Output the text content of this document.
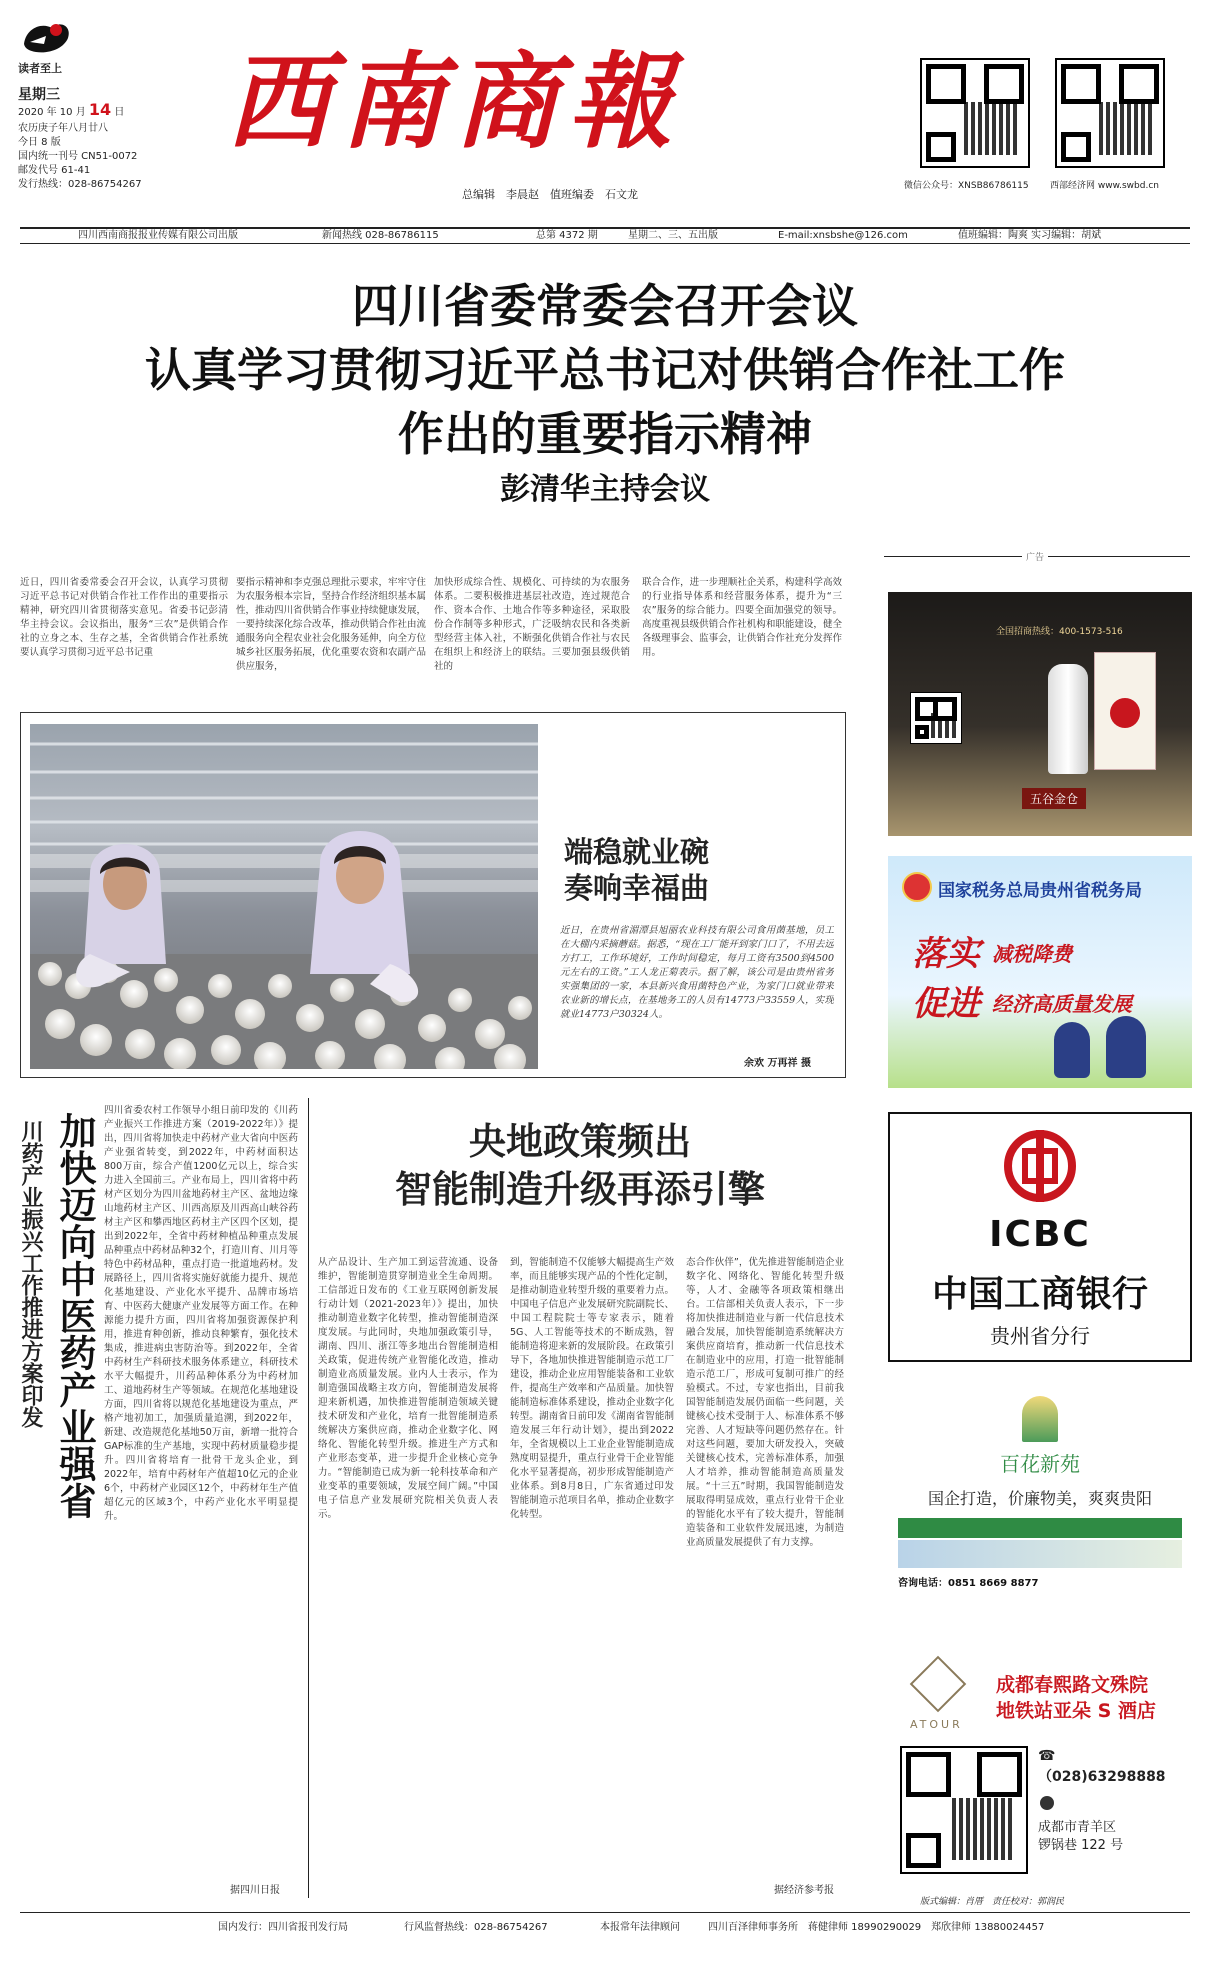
读者至上
星期三
2020 年 10 月 14 日
农历庚子年八月廿八
今日 8 版
国内统一刊号 CN51-0072
邮发代号 61-41
发行热线：028-86754267
西南商報
总编辑　李晨赵　值班编委　石文龙
微信公众号：XNSB86786115 西部经济网 www.swbd.cn
四川西南商报报业传媒有限公司出版	新闻热线 028-86786115	总第 4372 期	星期二、三、五出版	E-mail:xnsbshe@126.com	值班编辑：陶爽 实习编辑：胡斌
四川省委常委会召开会议
认真学习贯彻习近平总书记对供销合作社工作
作出的重要指示精神
彭清华主持会议
近日，四川省委常委会召开会议，认真学习贯彻习近平总书记对供销合作社工作作出的重要指示精神，研究四川省贯彻落实意见。省委书记彭清华主持会议。会议指出，服务“三农”是供销合作社的立身之本、生存之基，全省供销合作社系统要认真学习贯彻习近平总书记重
要指示精神和李克强总理批示要求，牢牢守住为农服务根本宗旨，坚持合作经济组织基本属性，推动四川省供销合作事业持续健康发展，一要持续深化综合改革，推动供销合作社由流通服务向全程农业社会化服务延伸，向全方位城乡社区服务拓展，优化重要农资和农副产品供应服务，
加快形成综合性、规模化、可持续的为农服务体系。二要积极推进基层社改造，连过规范合作、资本合作、土地合作等多种途径，采取股份合作制等多种形式，广泛吸纳农民和各类新型经营主体入社，不断强化供销合作社与农民在组织上和经济上的联结。三要加强县级供销社的
联合合作，进一步理顺社企关系，构建科学高效的行业指导体系和经营服务体系，提升为“三农”服务的综合能力。四要全面加强党的领导。高度重视县级供销合作社机构和职能建设，健全各级理事会、监事会，让供销合作社充分发挥作用。
广告
端稳就业碗
奏响幸福曲
近日，在贵州省湄潭县旭丽农业科技有限公司食用菌基地，员工在大棚内采摘蘑菇。据悉，“现在工厂能开到家门口了，不用去远方打工，工作环境好，工作时间稳定，每月工资有3500到4500元左右的工资。”工人龙正菊表示。据了解，该公司是由贵州省务实强集团的一家，本县新兴食用菌特色产业，为家门口就业带来农业新的增长点，在基地务工的人员有14773户33559人，实现就业14773户30324人。
余欢 万再祥 摄
川药产业振兴工作推进方案印发 加快迈向中医药产业强省
四川省委农村工作领导小组日前印发的《川药产业振兴工作推进方案（2019-2022年）》提出，四川省将加快走中药材产业大省向中医药产业强省转变，到2022年，中药材面积达800万亩，综合产值1200亿元以上，综合实力进入全国前三。产业布局上，四川省将中药材产区划分为四川盆地药材主产区、盆地边缘山地药材主产区、川西高原及川西高山峡谷药材主产区和攀西地区药材主产区四个区划，提出到2022年，全省中药材种植品种重点发展品种重点中药材品种32个，打造川育、川月等特色中药材品种，重点打造一批道地药材。发展路径上，四川省将实施好就能力提升、规范化基地建设、产业化水平提升、品牌市场培育、中医药大健康产业发展等方面工作。在种源能力提升方面，四川省将加强资源保护利用，推进育种创新，推动良种繁育，强化技术集成，推进病虫害防治等。到2022年，全省中药材生产科研技术服务体系建立，科研技术水平大幅提升，川药品种体系分为中药材加工、道地药材生产等领域。在规范化基地建设方面，四川省将以规范化基地建设为重点，严格产地初加工，加强质量追溯，到2022年，新建、改造规范化基地50万亩，新增一批符合GAP标准的生产基地，实现中药材质量稳步提升。四川省将培育一批骨干龙头企业，到2022年，培育中药材年产值超10亿元的企业6个，中药材产业园区12个，中药材年生产值超亿元的区域3个，中药产业化水平明显提升。
据四川日报
央地政策频出
智能制造升级再添引擎
从产品设计、生产加工到运营流通、设备维护，智能制造贯穿制造业全生命周期。工信部近日发布的《工业互联网创新发展行动计划（2021-2023年）》提出，加快推动制造业数字化转型，推动智能制造深度发展。与此同时，央地加强政策引导，湖南、四川、浙江等多地出台智能制造相关政策，促进传统产业智能化改造，推动制造业高质量发展。业内人士表示，作为制造强国战略主攻方向，智能制造发展将迎来新机遇，加快推进智能制造领域关键技术研发和产业化，培育一批智能制造系统解决方案供应商，推动企业数字化、网络化、智能化转型升级。推进生产方式和产业形态变革，进一步提升企业核心竞争力。“智能制造已成为新一轮科技革命和产业变革的重要领域，发展空间广阔。”中国电子信息产业发展研究院相关负责人表示。
到，智能制造不仅能够大幅提高生产效率，而且能够实现产品的个性化定制，是推动制造业转型升级的重要着力点。中国电子信息产业发展研究院副院长、中国工程院院士等专家表示，随着5G、人工智能等技术的不断成熟，智能制造将迎来新的发展阶段。在政策引导下，各地加快推进智能制造示范工厂建设，推动企业应用智能装备和工业软件，提高生产效率和产品质量。加快智能制造标准体系建设，推动企业数字化转型。湖南省日前印发《湖南省智能制造发展三年行动计划》，提出到2022年，全省规模以上工业企业智能制造成熟度明显提升，重点行业骨干企业智能化水平显著提高，初步形成智能制造产业体系。到8月8日，广东省通过印发智能制造示范项目名单，推动企业数字化转型。
态合作伙伴”，优先推进智能制造企业数字化、网络化、智能化转型升级等，人才、金融等各项政策相继出台。工信部相关负责人表示，下一步将加快推进制造业与新一代信息技术融合发展，加快智能制造系统解决方案供应商培育，推动新一代信息技术在制造业中的应用，打造一批智能制造示范工厂，形成可复制可推广的经验模式。不过，专家也指出，目前我国智能制造发展仍面临一些问题，关键核心技术受制于人、标准体系不够完善、人才短缺等问题仍然存在。针对这些问题，要加大研发投入，突破关键核心技术，完善标准体系，加强人才培养，推动智能制造高质量发展。“十三五”时期，我国智能制造发展取得明显成效，重点行业骨干企业的智能化水平有了较大提升，智能制造装备和工业软件发展迅速，为制造业高质量发展提供了有力支撑。
据经济参考报
全国招商热线：400-1573-516
五谷金仓
国家税务总局贵州省税务局
落实 减税降费
促进 经济高质量发展
ICBC
中国工商银行
贵州省分行
百花新苑
国企打造，价廉物美，爽爽贵阳
咨询电话：0851 8669 8877
ATOUR
成都春熙路文殊院
地铁站亚朵 S 酒店
☎
（028)63298888
成都市青羊区
锣锅巷 122 号
版式编辑：肖厝　责任校对：郭润民
国内发行：四川省报刊发行局	行风监督热线：028-86754267	本报常年法律顾问	四川百泽律师事务所　蒋健律师 18990290029　郑欣律师 13880024457
